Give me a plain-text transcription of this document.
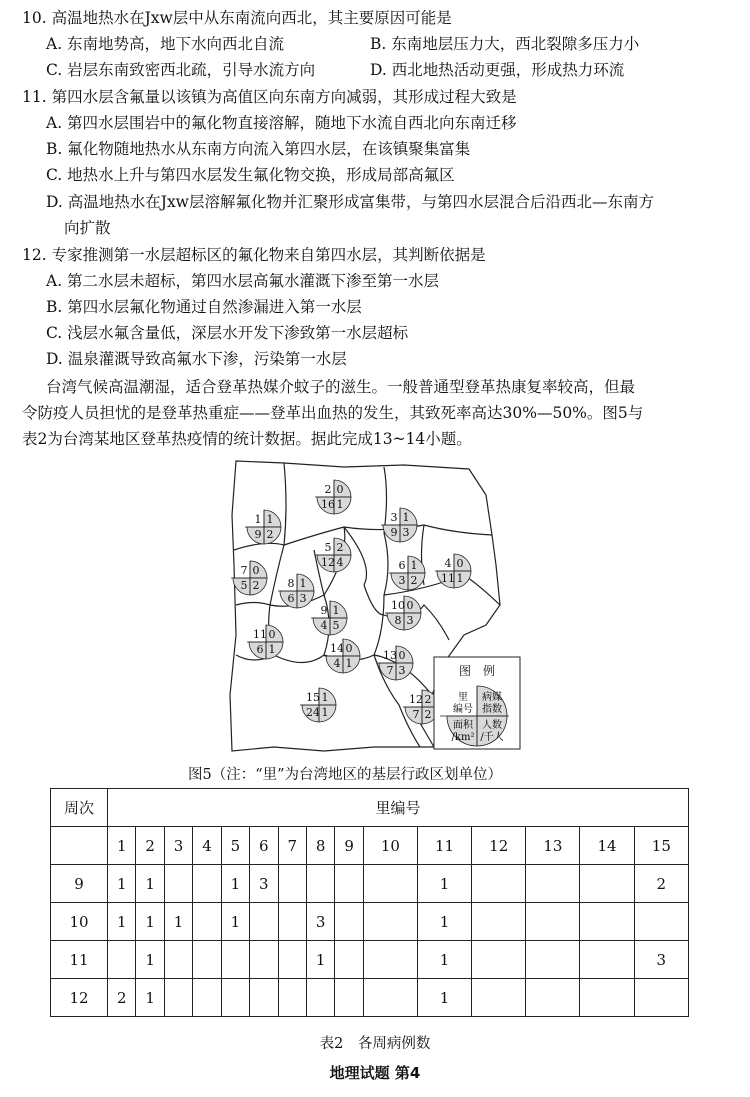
10. 高温地热水在Jxw层中从东南流向西北，其主要原因可能是
A. 东南地势高，地下水向西北自流	B. 东南地层压力大，西北裂隙多压力小
C. 岩层东南致密西北疏，引导水流方向	D. 西北地热活动更强，形成热力环流
11. 第四水层含氟量以该镇为高值区向东南方向减弱，其形成过程大致是
A. 第四水层围岩中的氟化物直接溶解，随地下水流自西北向东南迁移
B. 氟化物随地热水从东南方向流入第四水层，在该镇聚集富集
C. 地热水上升与第四水层发生氟化物交换，形成局部高氟区
D. 高温地热水在Jxw层溶解氟化物并汇聚形成富集带，与第四水层混合后沿西北—东南方
向扩散
12. 专家推测第一水层超标区的氟化物来自第四水层，其判断依据是
A. 第二水层未超标，第四水层高氟水灌溉下渗至第一水层
B. 第四水层氟化物通过自然渗漏进入第一水层
C. 浅层水氟含量低，深层水开发下渗致第一水层超标
D. 温泉灌溉导致高氟水下渗，污染第一水层
台湾气候高温潮湿，适合登革热媒介蚊子的滋生。一般普通型登革热康复率较高，但最
令防疫人员担忧的是登革热重症——登革出血热的发生，其致死率高达30%—50%。图5与
表2为台湾某地区登革热疫情的统计数据。据此完成13~14小题。
1 1
9 2
2 0
16 1
3 1
9 3
4 0
11 1
5 2
12 4	6 1
3 2
7 0
5 2	8 1
6 3
9 1
4 5
10 0
8 3
11 0
6 1
12 2
7 2
13 0
7 3
14 0
4 1
15 1
24 1
图　例
里
编号
病媒
指数
面积
/km²
人数
/千人
图5（注：“里”为台湾地区的基层行政区划单位）
周次	里编号														
	1	2	3	4	5	6	7	8	9	10	11	12	13	14	15
9	1	1			1	3					1				2
10	1	1	1		1			3			1				
11		1						1			1				3
12	2	1									1				
表2　各周病例数
地理试题 第4
